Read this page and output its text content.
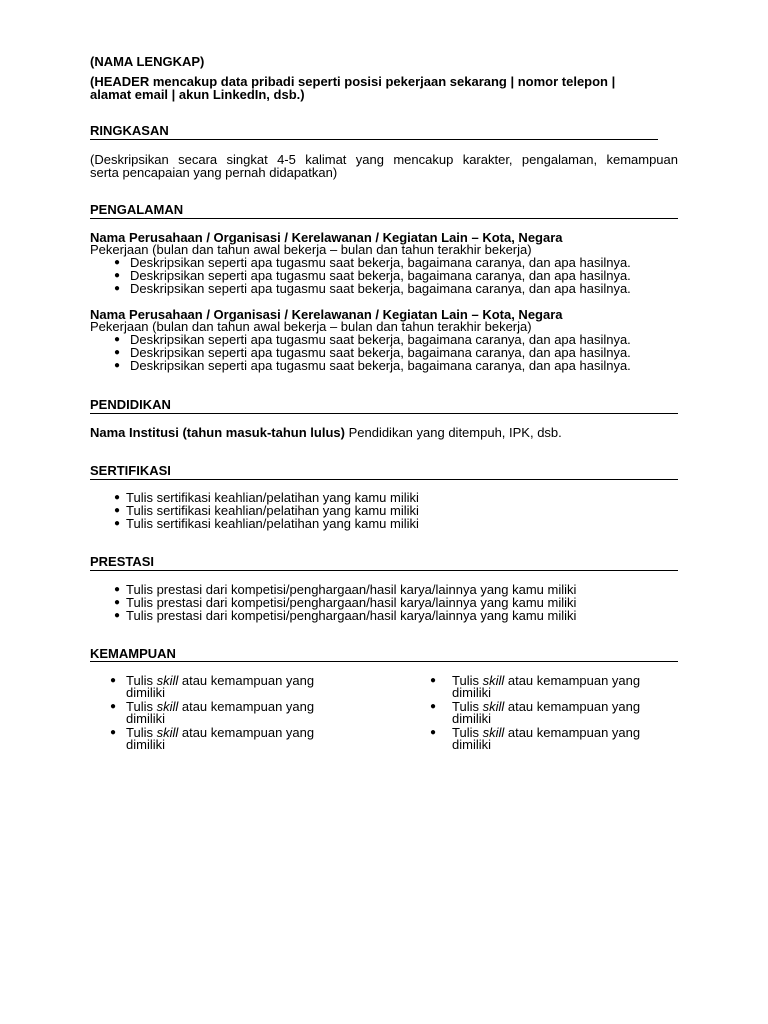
(NAMA LENGKAP)
(HEADER mencakup data pribadi seperti posisi pekerjaan sekarang | nomor telepon |
alamat email | akun LinkedIn, dsb.)
RINGKASAN
(Deskripsikan secara singkat 4-5 kalimat yang mencakup karakter, pengalaman, kemampuan
serta pencapaian yang pernah didapatkan)
PENGALAMAN
Nama Perusahaan / Organisasi / Kerelawanan / Kegiatan Lain – Kota, Negara
Pekerjaan (bulan dan tahun awal bekerja – bulan dan tahun terakhir bekerja)
● Deskripsikan seperti apa tugasmu saat bekerja, bagaimana caranya, dan apa hasilnya.
● Deskripsikan seperti apa tugasmu saat bekerja, bagaimana caranya, dan apa hasilnya.
● Deskripsikan seperti apa tugasmu saat bekerja, bagaimana caranya, dan apa hasilnya.
Nama Perusahaan / Organisasi / Kerelawanan / Kegiatan Lain – Kota, Negara
Pekerjaan (bulan dan tahun awal bekerja – bulan dan tahun terakhir bekerja)
● Deskripsikan seperti apa tugasmu saat bekerja, bagaimana caranya, dan apa hasilnya.
● Deskripsikan seperti apa tugasmu saat bekerja, bagaimana caranya, dan apa hasilnya.
● Deskripsikan seperti apa tugasmu saat bekerja, bagaimana caranya, dan apa hasilnya.
PENDIDIKAN
Nama Institusi (tahun masuk-tahun lulus) Pendidikan yang ditempuh, IPK, dsb.
SERTIFIKASI
● Tulis sertifikasi keahlian/pelatihan yang kamu miliki
● Tulis sertifikasi keahlian/pelatihan yang kamu miliki
● Tulis sertifikasi keahlian/pelatihan yang kamu miliki
PRESTASI
● Tulis prestasi dari kompetisi/penghargaan/hasil karya/lainnya yang kamu miliki
● Tulis prestasi dari kompetisi/penghargaan/hasil karya/lainnya yang kamu miliki
● Tulis prestasi dari kompetisi/penghargaan/hasil karya/lainnya yang kamu miliki
KEMAMPUAN
● Tulis skill atau kemampuan yang
dimiliki
● Tulis skill atau kemampuan yang
dimiliki
● Tulis skill atau kemampuan yang
dimiliki
● Tulis skill atau kemampuan yang
dimiliki
● Tulis skill atau kemampuan yang
dimiliki
● Tulis skill atau kemampuan yang
dimiliki
